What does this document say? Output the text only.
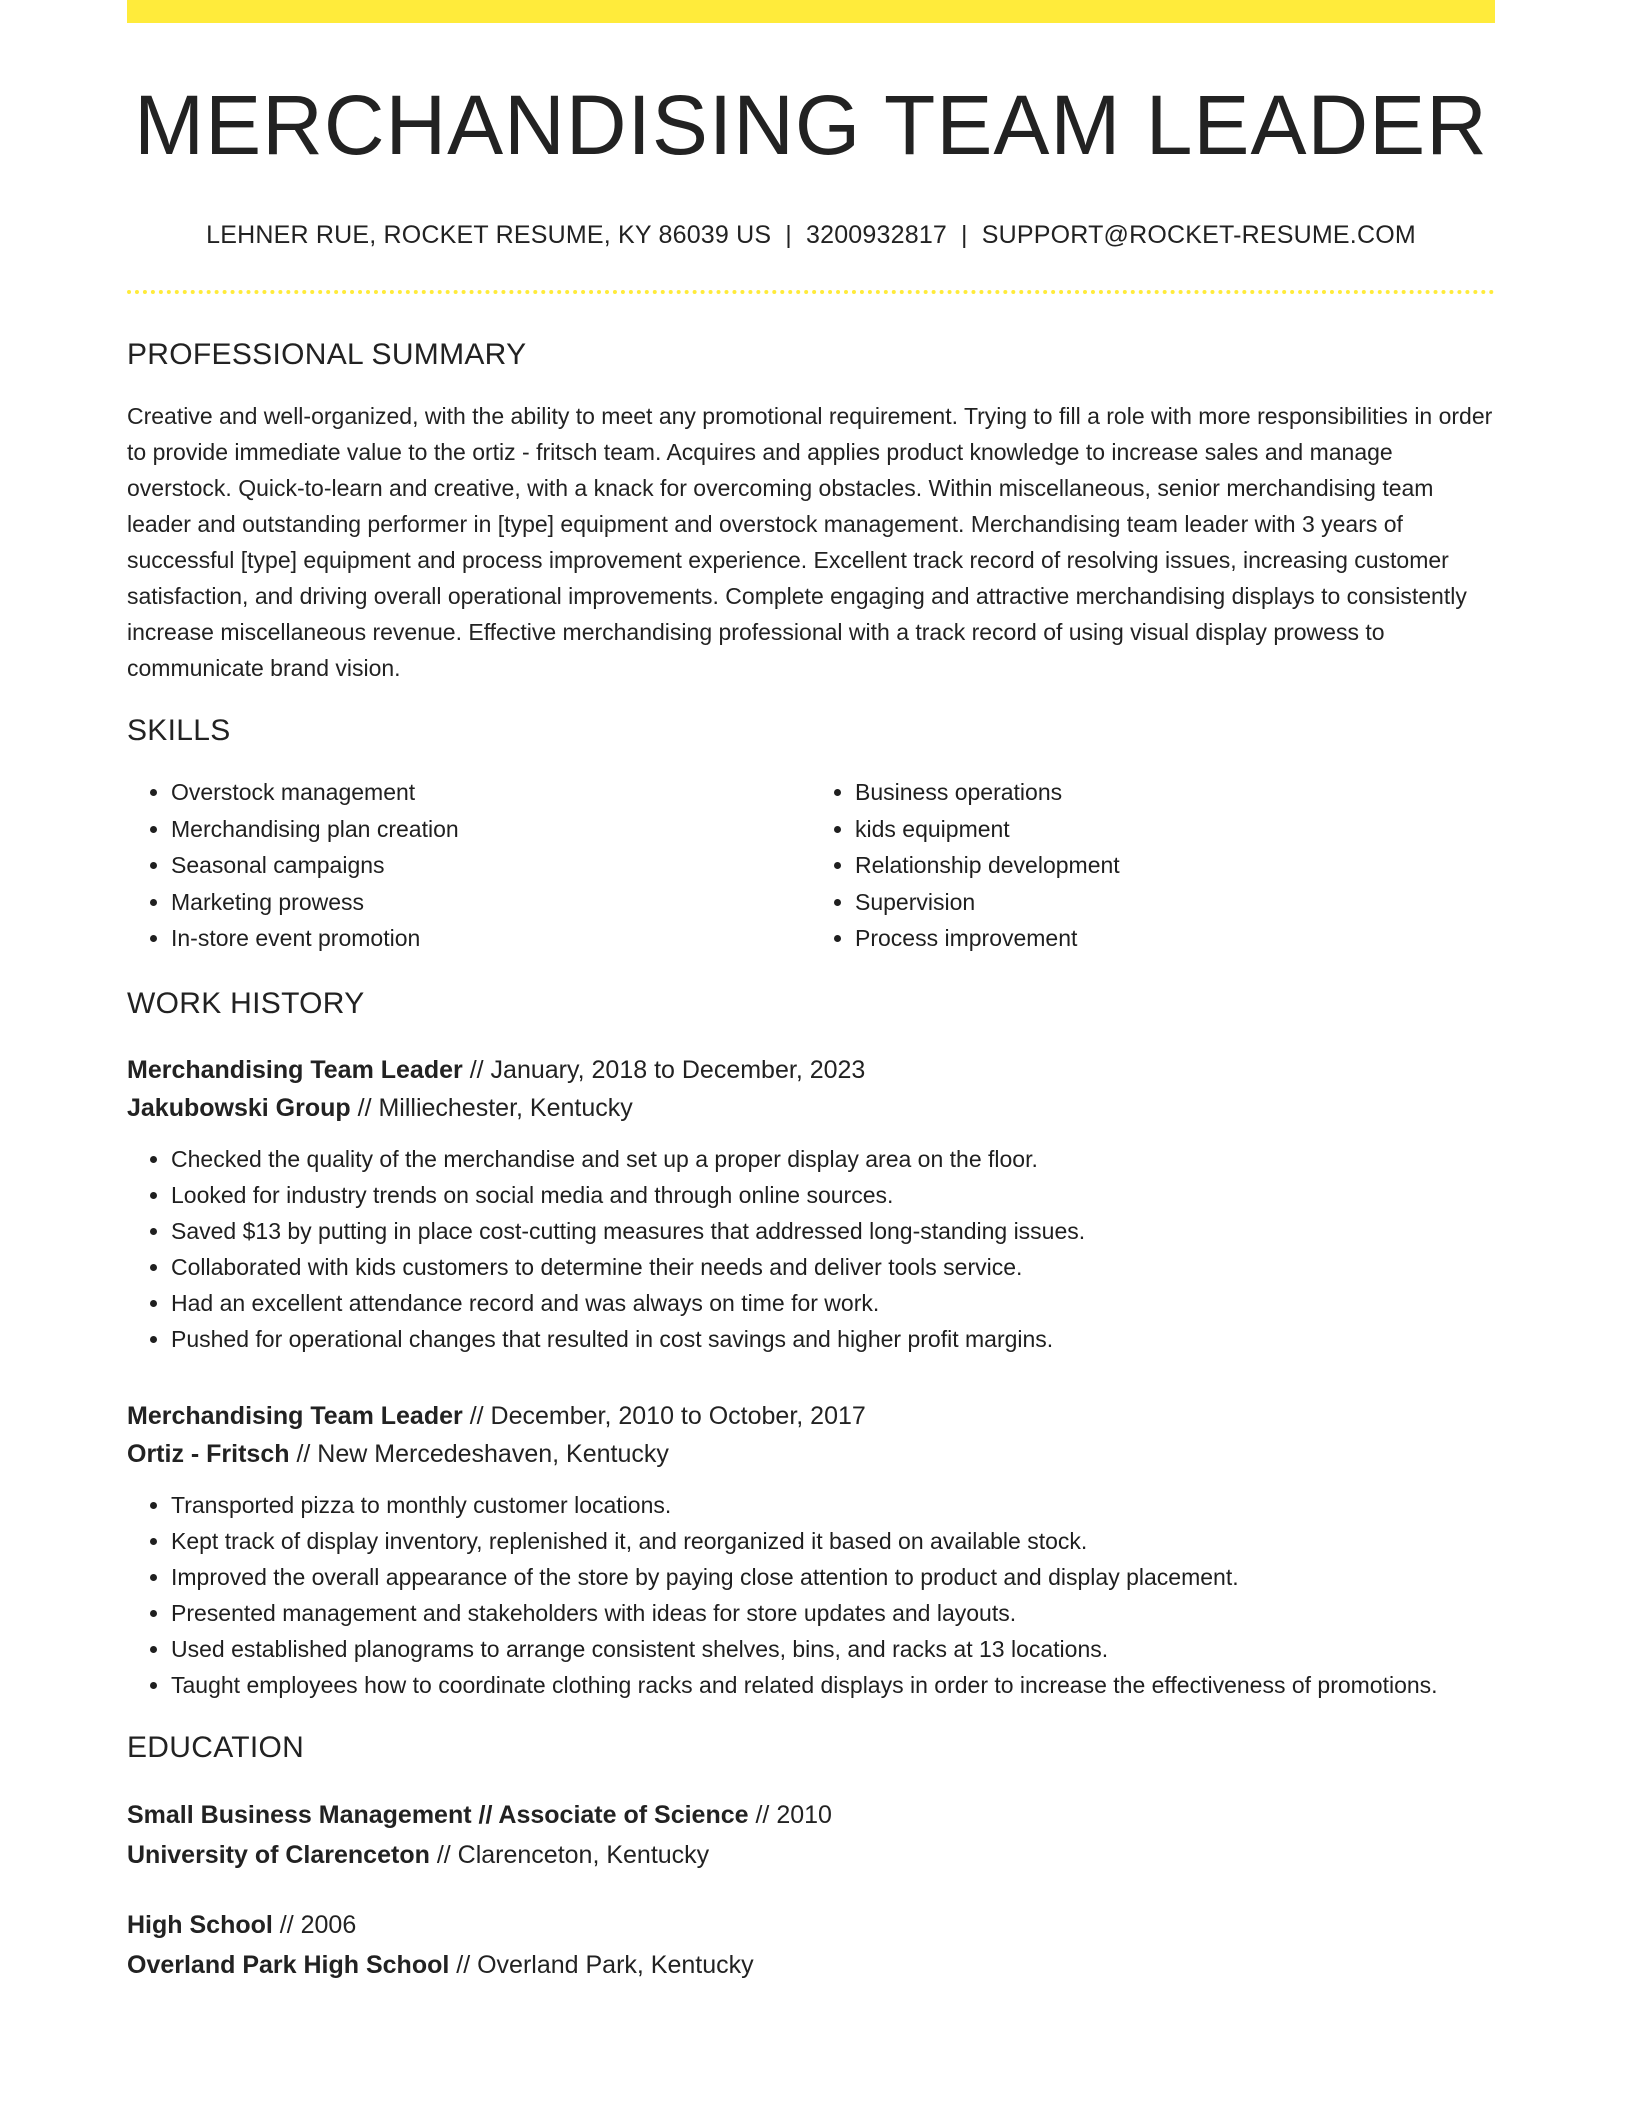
MERCHANDISING TEAM LEADER
LEHNER RUE, ROCKET RESUME, KY 86039 US | 3200932817 | SUPPORT@ROCKET-RESUME.COM
PROFESSIONAL SUMMARY
Creative and well-organized, with the ability to meet any promotional requirement. Trying to fill a role with more responsibilities in order to provide immediate value to the ortiz - fritsch team. Acquires and applies product knowledge to increase sales and manage overstock. Quick-to-learn and creative, with a knack for overcoming obstacles. Within miscellaneous, senior merchandising team leader and outstanding performer in [type] equipment and overstock management. Merchandising team leader with 3 years of successful [type] equipment and process improvement experience. Excellent track record of resolving issues, increasing customer satisfaction, and driving overall operational improvements. Complete engaging and attractive merchandising displays to consistently increase miscellaneous revenue. Effective merchandising professional with a track record of using visual display prowess to communicate brand vision.
SKILLS
• Overstock management
• Merchandising plan creation
• Seasonal campaigns
• Marketing prowess
• In-store event promotion
• Business operations
• kids equipment
• Relationship development
• Supervision
• Process improvement
WORK HISTORY
Merchandising Team Leader // January, 2018 to December, 2023
Jakubowski Group // Milliechester, Kentucky
• Checked the quality of the merchandise and set up a proper display area on the floor.
• Looked for industry trends on social media and through online sources.
• Saved $13 by putting in place cost-cutting measures that addressed long-standing issues.
• Collaborated with kids customers to determine their needs and deliver tools service.
• Had an excellent attendance record and was always on time for work.
• Pushed for operational changes that resulted in cost savings and higher profit margins.
Merchandising Team Leader // December, 2010 to October, 2017
Ortiz - Fritsch // New Mercedeshaven, Kentucky
• Transported pizza to monthly customer locations.
• Kept track of display inventory, replenished it, and reorganized it based on available stock.
• Improved the overall appearance of the store by paying close attention to product and display placement.
• Presented management and stakeholders with ideas for store updates and layouts.
• Used established planograms to arrange consistent shelves, bins, and racks at 13 locations.
• Taught employees how to coordinate clothing racks and related displays in order to increase the effectiveness of promotions.
EDUCATION
Small Business Management // Associate of Science // 2010
University of Clarenceton // Clarenceton, Kentucky
High School // 2006
Overland Park High School // Overland Park, Kentucky
